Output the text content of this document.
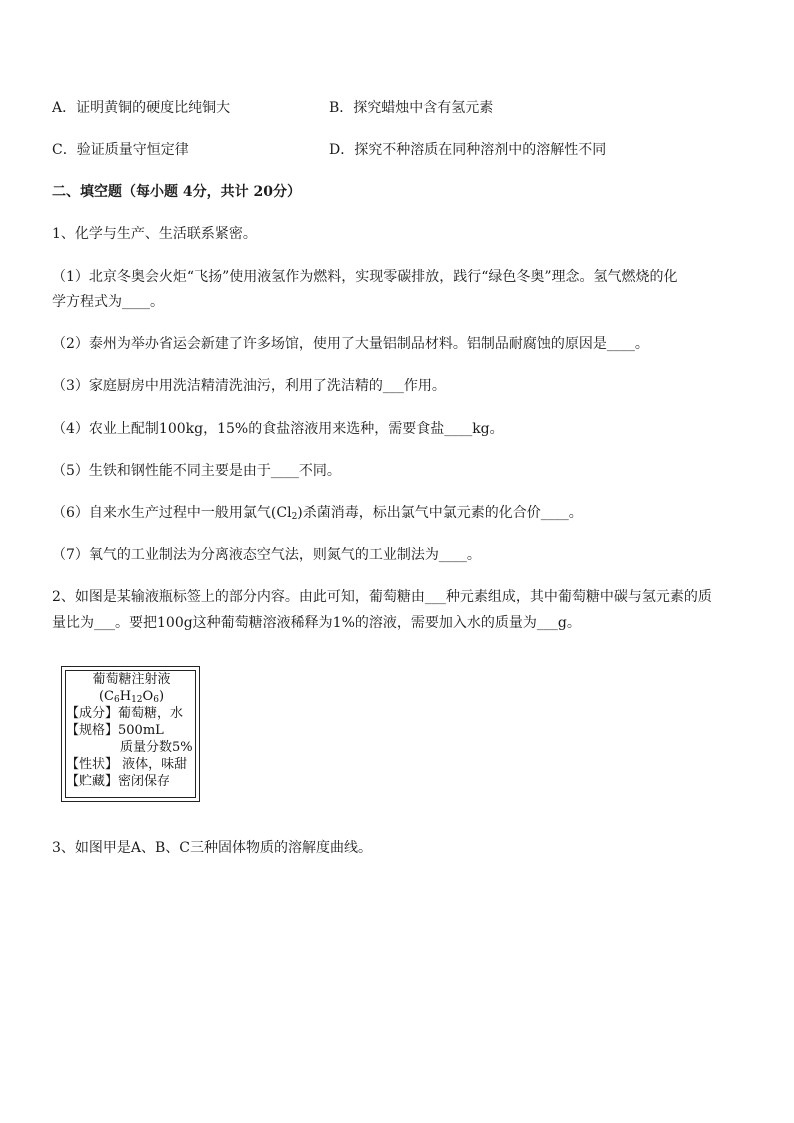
A．证明黄铜的硬度比纯铜大	B．探究蜡烛中含有氢元素
C．验证质量守恒定律	D．探究不种溶质在同种溶剂中的溶解性不同
二、填空题（每小题 4分，共计 20分）
1、化学与生产、生活联系紧密。
（1）北京冬奥会火炬“飞扬”使用液氢作为燃料，实现零碳排放，践行“绿色冬奥”理念。氢气燃烧的化
学方程式为____。
（2）泰州为举办省运会新建了许多场馆，使用了大量铝制品材料。铝制品耐腐蚀的原因是____。
（3）家庭厨房中用洗洁精清洗油污，利用了洗洁精的___作用。
（4）农业上配制100kg，15%的食盐溶液用来选种，需要食盐____kg。
（5）生铁和钢性能不同主要是由于____不同。
（6）自来水生产过程中一般用氯气$(Cl_2)$杀菌消毒，标出氯气中氯元素的化合价____。
（7）氧气的工业制法为分离液态空气法，则氮气的工业制法为____。
2、如图是某输液瓶标签上的部分内容。由此可知，葡萄糖由___种元素组成，其中葡萄糖中碳与氢元素的质
量比为___。要把100g这种葡萄糖溶液稀释为1%的溶液，需要加入水的质量为___g。
葡萄糖注射液
$(C_6H_{12}O_6)$
【成分】葡萄糖，水
【规格】500mL
质量分数5%
【性状】 液体，味甜
【贮藏】密闭保存
3、如图甲是A、B、C三种固体物质的溶解度曲线。
